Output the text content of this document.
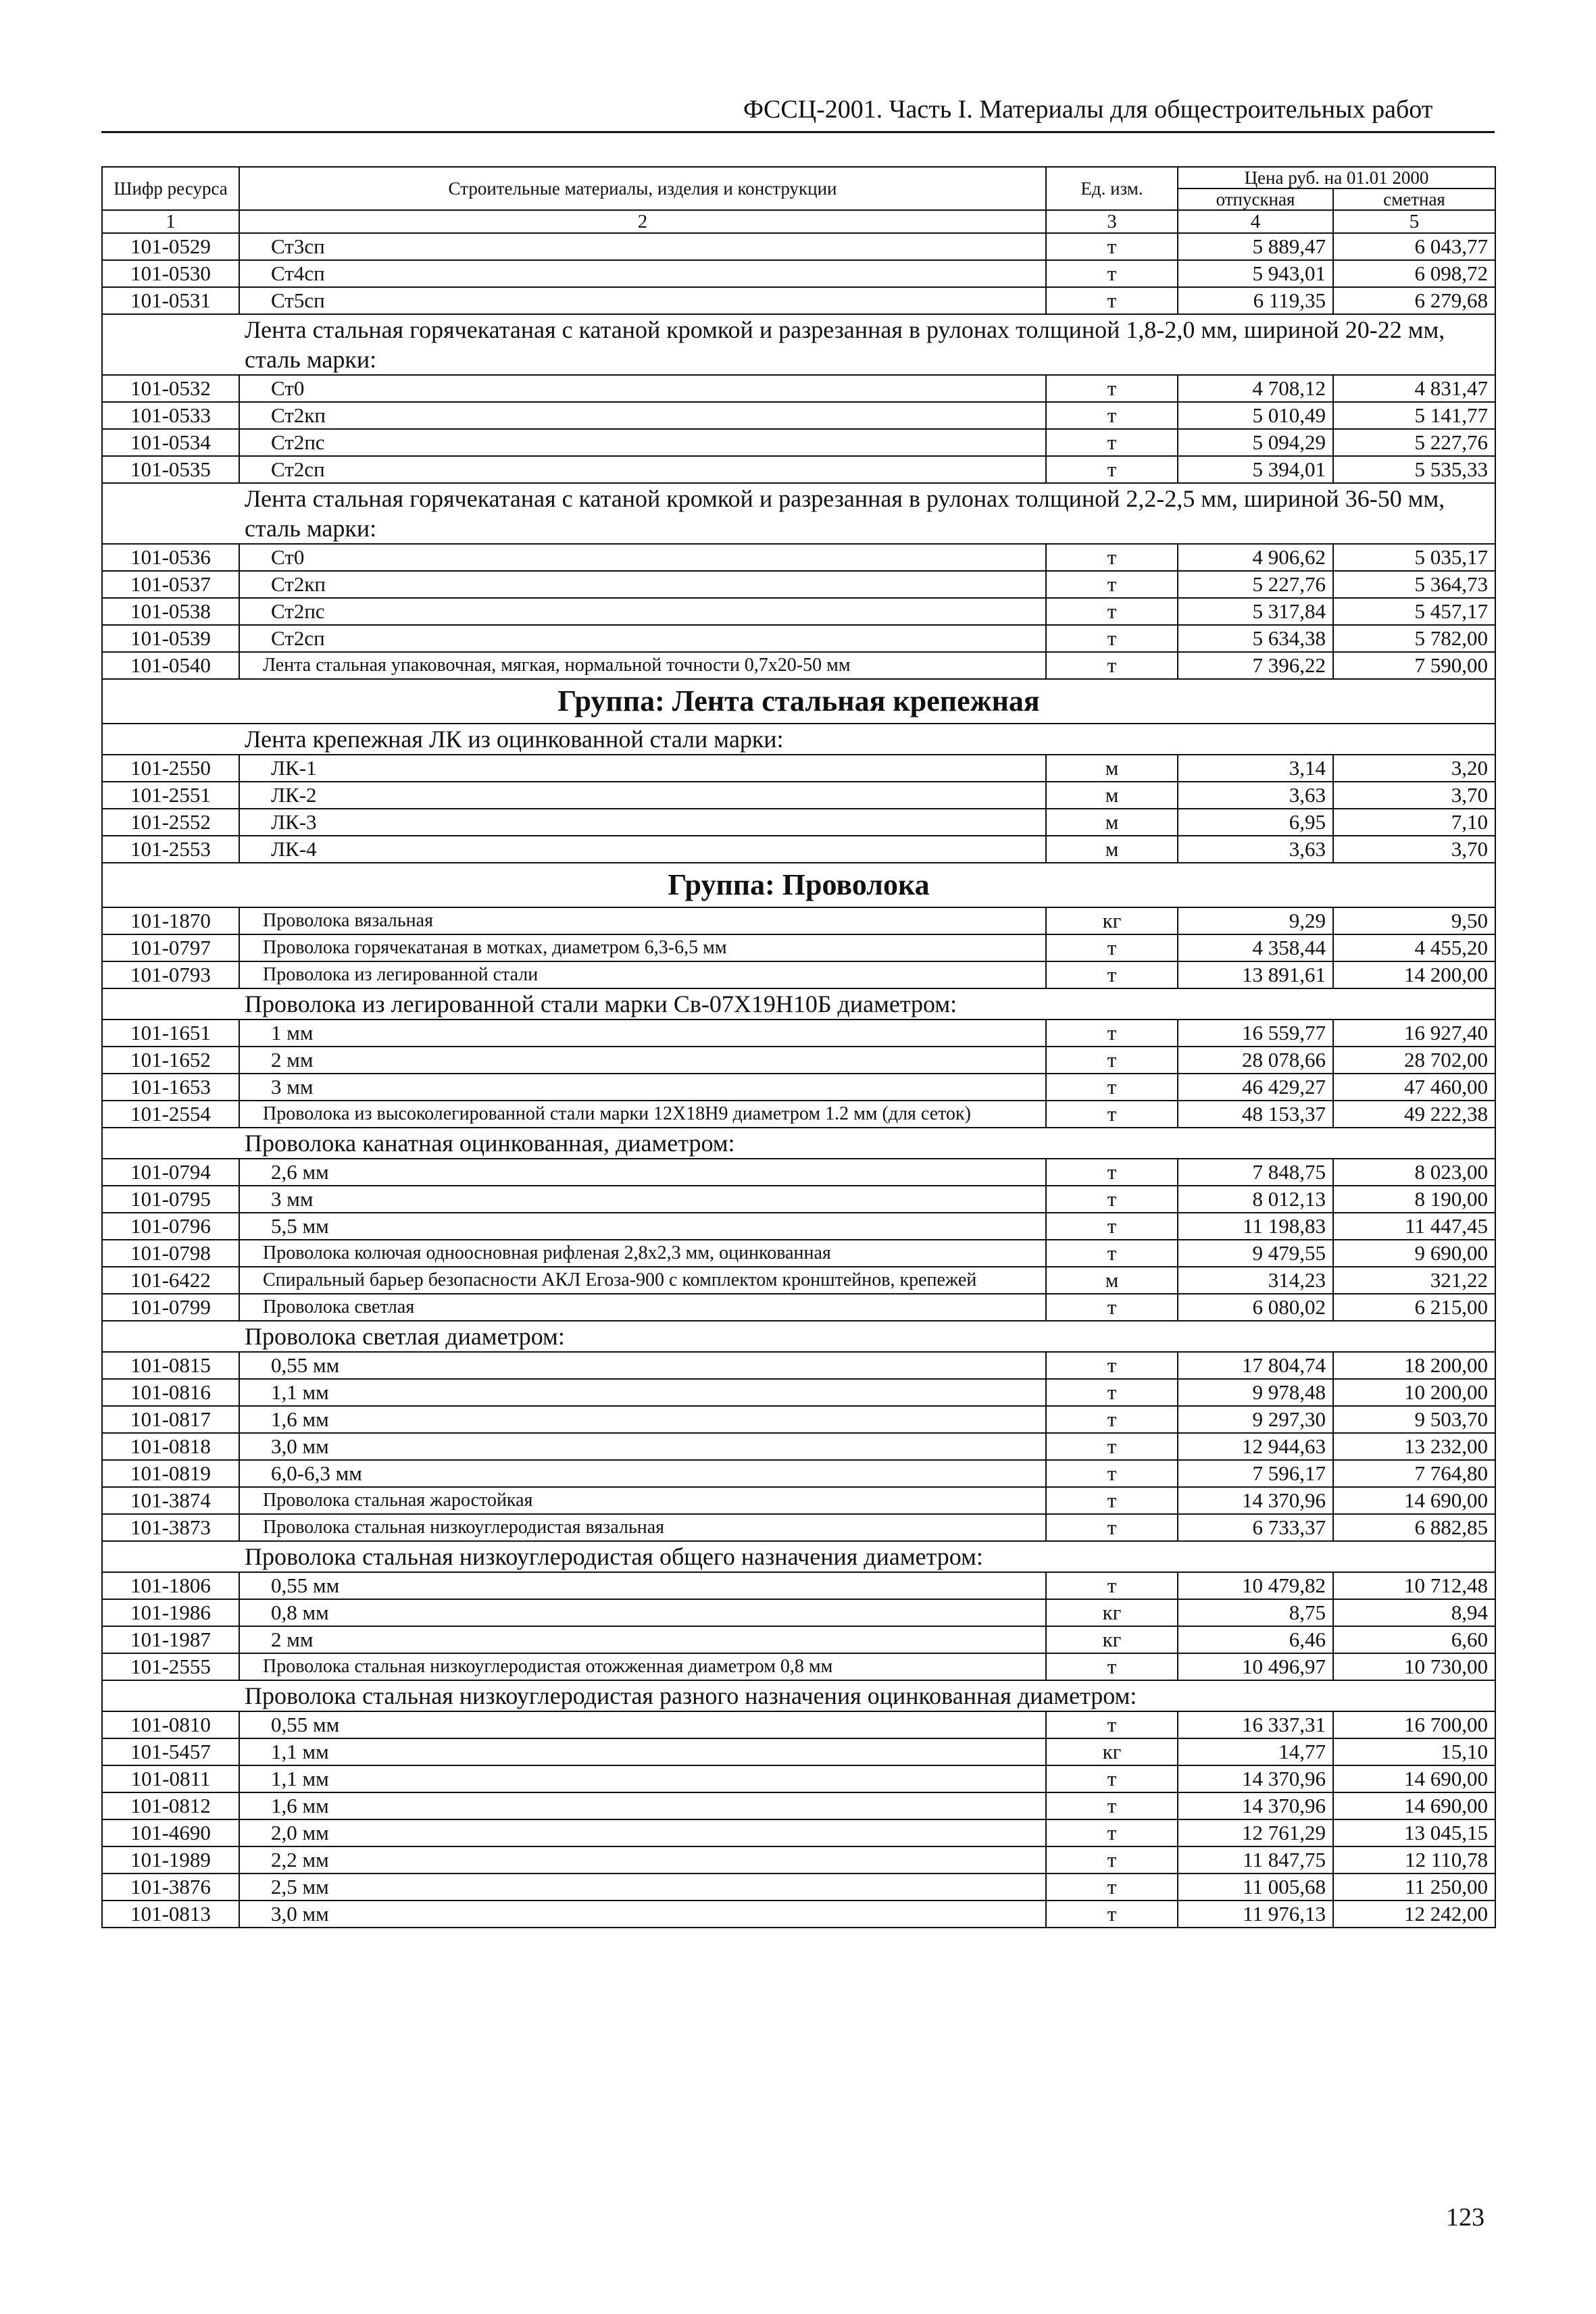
ФССЦ-2001. Часть I. Материалы для общестроительных работ
Шифр ресурса	Строительные материалы, изделия и конструкции	Ед. изм.	Цена руб. на 01.01 2000	
			отпускная	сметная
1	2	3	4	5
101-0529	Ст3сп	т	5 889,47	6 043,77
101-0530	Ст4сп	т	5 943,01	6 098,72
101-0531	Ст5сп	т	6 119,35	6 279,68
Лента стальная горячекатаная с катаной кромкой и разрезанная в рулонах толщиной 1,8-2,0 мм, шириной 20-22 мм, сталь марки:				
101-0532	Ст0	т	4 708,12	4 831,47
101-0533	Ст2кп	т	5 010,49	5 141,77
101-0534	Ст2пс	т	5 094,29	5 227,76
101-0535	Ст2сп	т	5 394,01	5 535,33
Лента стальная горячекатаная с катаной кромкой и разрезанная в рулонах толщиной 2,2-2,5 мм, шириной 36-50 мм, сталь марки:				
101-0536	Ст0	т	4 906,62	5 035,17
101-0537	Ст2кп	т	5 227,76	5 364,73
101-0538	Ст2пс	т	5 317,84	5 457,17
101-0539	Ст2сп	т	5 634,38	5 782,00
101-0540	Лента стальная упаковочная, мягкая, нормальной точности 0,7х20-50 мм	т	7 396,22	7 590,00
Группа: Лента стальная крепежная				
Лента крепежная ЛК из оцинкованной стали марки:				
101-2550	ЛК-1	м	3,14	3,20
101-2551	ЛК-2	м	3,63	3,70
101-2552	ЛК-3	м	6,95	7,10
101-2553	ЛК-4	м	3,63	3,70
Группа: Проволока				
101-1870	Проволока вязальная	кг	9,29	9,50
101-0797	Проволока горячекатаная в мотках, диаметром 6,3-6,5 мм	т	4 358,44	4 455,20
101-0793	Проволока из легированной стали	т	13 891,61	14 200,00
Проволока из легированной стали марки Св-07Х19Н10Б диаметром:				
101-1651	1 мм	т	16 559,77	16 927,40
101-1652	2 мм	т	28 078,66	28 702,00
101-1653	3 мм	т	46 429,27	47 460,00
101-2554	Проволока из высоколегированной стали марки 12Х18Н9 диаметром 1.2 мм (для сеток)	т	48 153,37	49 222,38
Проволока канатная оцинкованная, диаметром:				
101-0794	2,6 мм	т	7 848,75	8 023,00
101-0795	3 мм	т	8 012,13	8 190,00
101-0796	5,5 мм	т	11 198,83	11 447,45
101-0798	Проволока колючая одноосновная рифленая 2,8х2,3 мм, оцинкованная	т	9 479,55	9 690,00
101-6422	Спиральный барьер безопасности АКЛ Егоза-900 с комплектом кронштейнов, крепежей	м	314,23	321,22
101-0799	Проволока светлая	т	6 080,02	6 215,00
Проволока светлая диаметром:				
101-0815	0,55 мм	т	17 804,74	18 200,00
101-0816	1,1 мм	т	9 978,48	10 200,00
101-0817	1,6 мм	т	9 297,30	9 503,70
101-0818	3,0 мм	т	12 944,63	13 232,00
101-0819	6,0-6,3 мм	т	7 596,17	7 764,80
101-3874	Проволока стальная жаростойкая	т	14 370,96	14 690,00
101-3873	Проволока стальная низкоуглеродистая вязальная	т	6 733,37	6 882,85
Проволока стальная низкоуглеродистая общего назначения диаметром:				
101-1806	0,55 мм	т	10 479,82	10 712,48
101-1986	0,8 мм	кг	8,75	8,94
101-1987	2 мм	кг	6,46	6,60
101-2555	Проволока стальная низкоуглеродистая отожженная диаметром 0,8 мм	т	10 496,97	10 730,00
Проволока стальная низкоуглеродистая разного назначения оцинкованная диаметром:				
101-0810	0,55 мм	т	16 337,31	16 700,00
101-5457	1,1 мм	кг	14,77	15,10
101-0811	1,1 мм	т	14 370,96	14 690,00
101-0812	1,6 мм	т	14 370,96	14 690,00
101-4690	2,0 мм	т	12 761,29	13 045,15
101-1989	2,2 мм	т	11 847,75	12 110,78
101-3876	2,5 мм	т	11 005,68	11 250,00
101-0813	3,0 мм	т	11 976,13	12 242,00
123
